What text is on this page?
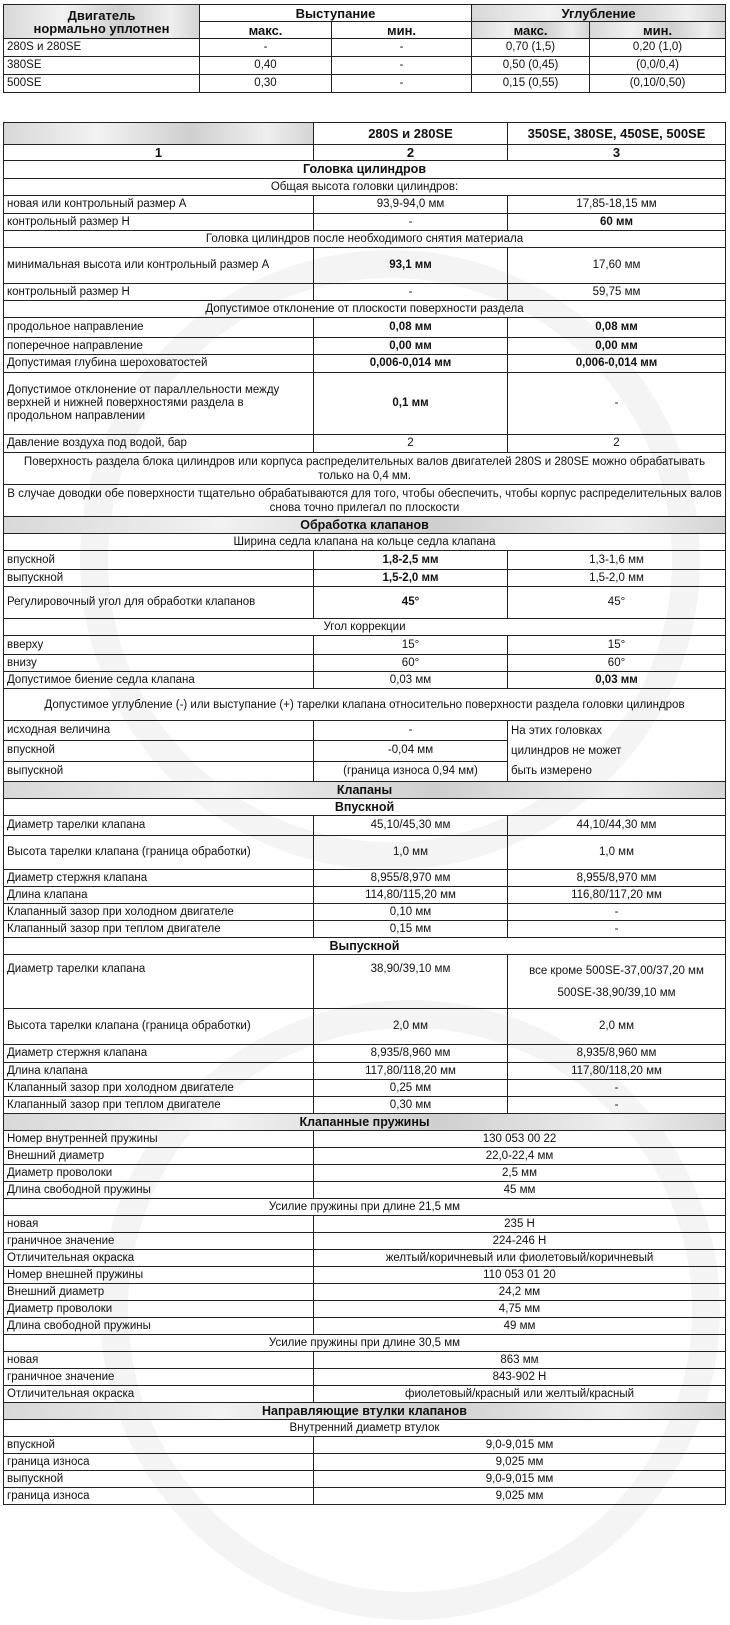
Двигатель
нормально уплотнен	Выступание		Углубление	
	макс.	мин.	макс.	мин.
280S и 280SE	-	-	0,70 (1,5)	0,20 (1,0)
380SE	0,40	-	0,50 (0,45)	(0,0/0,4)
500SE	0,30	-	0,15 (0,55)	(0,10/0,50)
	280S и 280SE	350SE, 380SE, 450SE, 500SE
1	2	3
Головка цилиндров		
Общая высота головки цилиндров:		
новая или контрольный размер А	93,9-94,0 мм	17,85-18,15 мм
контрольный размер Н	-	60 мм
Головка цилиндров после необходимого снятия материала		
минимальная высота или контрольный размер А	93,1 мм	17,60 мм
контрольный размер Н	-	59,75 мм
Допустимое отклонение от плоскости поверхности раздела		
продольное направление	0,08 мм	0,08 мм
поперечное направление	0,00 мм	0,00 мм
Допустимая глубина шероховатостей	0,006-0,014 мм	0,006-0,014 мм
Допустимое отклонение от параллельности между верхней и нижней поверхностями раздела в продольном направлении	0,1 мм	-
Давление воздуха под водой, бар	2	2
Поверхность раздела блока цилиндров или корпуса распределительных валов двигателей 280S и 280SE можно обрабатывать только на 0,4 мм.		
В случае доводки обе поверхности тщательно обрабатываются для того, чтобы обеспечить, чтобы корпус распределительных валов снова точно прилегал по плоскости		
Обработка клапанов		
Ширина седла клапана на кольце седла клапана		
впускной	1,8-2,5 мм	1,3-1,6 мм
выпускной	1,5-2,0 мм	1,5-2,0 мм
Регулировочный угол для обработки клапанов	45°	45°
Угол коррекции		
вверху	15°	15°
внизу	60°	60°
Допустимое биение седла клапана	0,03 мм	0,03 мм
Допустимое углубление (-) или выступание (+) тарелки клапана относительно поверхности раздела головки цилиндров		
исходная величина	-	На этих головках
цилиндров не может
быть измерено

впускной	-0,04 мм	
выпускной	(граница износа 0,94 мм)	
Клапаны		
Впускной		
Диаметр тарелки клапана	45,10/45,30 мм	44,10/44,30 мм
Высота тарелки клапана (граница обработки)	1,0 мм	1,0 мм
Диаметр стержня клапана	8,955/8,970 мм	8,955/8,970 мм
Длина клапана	114,80/115,20 мм	116,80/117,20 мм
Клапанный зазор при холодном двигателе	0,10 мм	-
Клапанный зазор при теплом двигателе	0,15 мм	-
Выпускной		
Диаметр тарелки клапана	38,90/39,10 мм	все кроме 500SE-37,00/37,20 мм
500SE-38,90/39,10 мм

Высота тарелки клапана (граница обработки)	2,0 мм	2,0 мм
Диаметр стержня клапана	8,935/8,960 мм	8,935/8,960 мм
Длина клапана	117,80/118,20 мм	117,80/118,20 мм
Клапанный зазор при холодном двигателе	0,25 мм	-
Клапанный зазор при теплом двигателе	0,30 мм	-
Клапанные пружины		
Номер внутренней пружины	130 053 00 22	
Внешний диаметр	22,0-22,4 мм	
Диаметр проволоки	2,5 мм	
Длина свободной пружины	45 мм	
Усилие пружины при длине 21,5 мм		
новая	235 Н	
граничное значение	224-246 Н	
Отличительная окраска	желтый/коричневый или фиолетовый/коричневый	
Номер внешней пружины	110 053 01 20	
Внешний диаметр	24,2 мм	
Диаметр проволоки	4,75 мм	
Длина свободной пружины	49 мм	
Усилие пружины при длине 30,5 мм		
новая	863 мм	
граничное значение	843-902 Н	
Отличительная окраска	фиолетовый/красный или желтый/красный	
Направляющие втулки клапанов		
Внутренний диаметр втулок		
впускной	9,0-9,015 мм	
граница износа	9,025 мм	
выпускной	9,0-9,015 мм	
граница износа	9,025 мм	
